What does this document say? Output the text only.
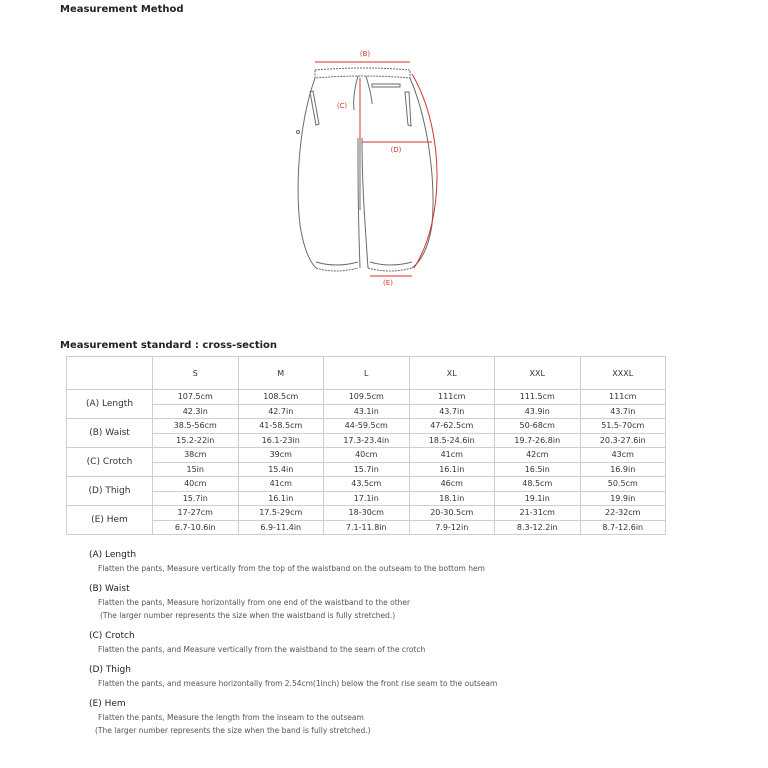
Measurement Method
(B)
(C)
(D)
(E)
Measurement standard : cross-section
	S	M	L	XL	XXL	XXXL
(A) Length	107.5cm	108.5cm	109.5cm	111cm	111.5cm	111cm
	42.3in	42.7in	43.1in	43.7in	43.9in	43.7in
(B) Waist	38.5-56cm	41-58.5cm	44-59.5cm	47-62.5cm	50-68cm	51.5-70cm
	15.2-22in	16.1-23in	17.3-23.4in	18.5-24.6in	19.7-26.8in	20.3-27.6in
(C) Crotch	38cm	39cm	40cm	41cm	42cm	43cm
	15in	15.4in	15.7in	16.1in	16.5in	16.9in
(D) Thigh	40cm	41cm	43.5cm	46cm	48.5cm	50.5cm
	15.7in	16.1in	17.1in	18.1in	19.1in	19.9in
(E) Hem	17-27cm	17.5-29cm	18-30cm	20-30.5cm	21-31cm	22-32cm
	6.7-10.6in	6.9-11.4in	7.1-11.8in	7.9-12in	8.3-12.2in	8.7-12.6in
(A) Length
Flatten the pants, Measure vertically from the top of the waistband on the outseam to the bottom hem
(B) Waist
Flatten the pants, Measure horizontally from one end of the waistband to the other
(The larger number represents the size when the waistband is fully stretched.)
(C) Crotch
Flatten the pants, and Measure vertically from the waistband to the seam of the crotch
(D) Thigh
Flatten the pants, and measure horizontally from 2.54cm(1inch) below the front rise seam to the outseam
(E) Hem
Flatten the pants, Measure the length from the inseam to the outseam
(The larger number represents the size when the band is fully stretched.)
